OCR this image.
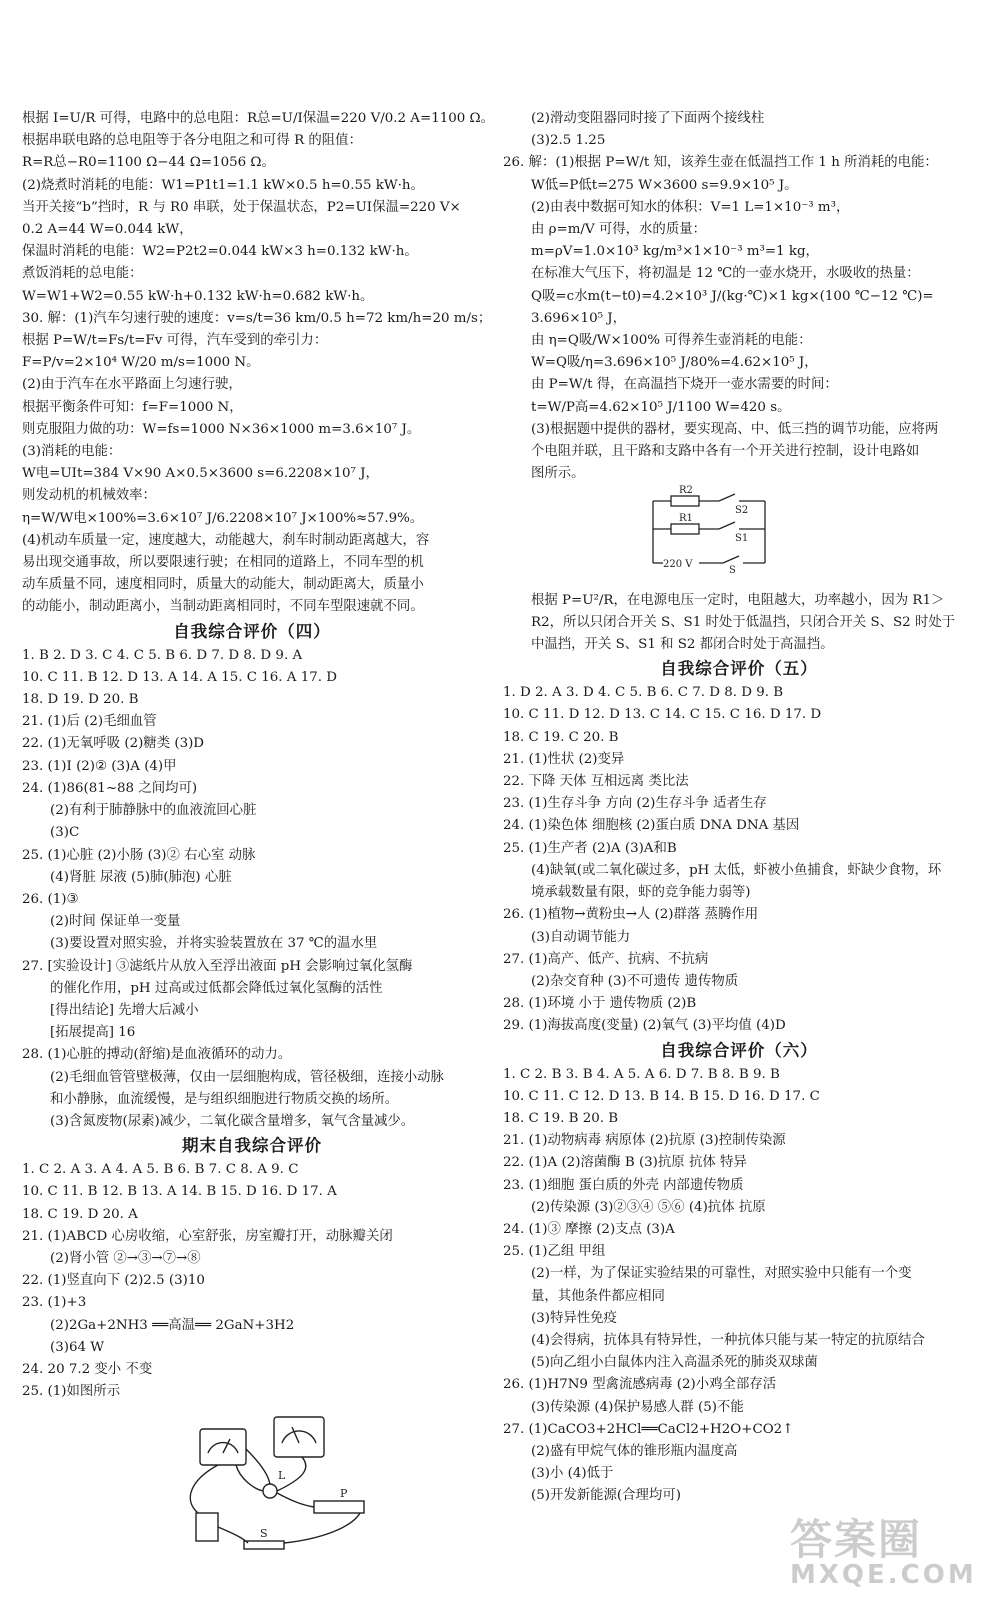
根据 I=U/R 可得，电路中的总电阻：R总=U/I保温=220 V/0.2 A=1100 Ω。
根据串联电路的总电阻等于各分电阻之和可得 R 的阻值：
R=R总−R0=1100 Ω−44 Ω=1056 Ω。
(2)烧煮时消耗的电能：W1=P1t1=1.1 kW×0.5 h=0.55 kW·h。
当开关接“b”挡时，R 与 R0 串联，处于保温状态，P2=UI保温=220 V×
0.2 A=44 W=0.044 kW，
保温时消耗的电能：W2=P2t2=0.044 kW×3 h=0.132 kW·h。
煮饭消耗的总电能：
W=W1+W2=0.55 kW·h+0.132 kW·h=0.682 kW·h。
30. 解：(1)汽车匀速行驶的速度：v=s/t=36 km/0.5 h=72 km/h=20 m/s；
根据 P=W/t=Fs/t=Fv 可得，汽车受到的牵引力：
F=P/v=2×10⁴ W/20 m/s=1000 N。
(2)由于汽车在水平路面上匀速行驶，
根据平衡条件可知：f=F=1000 N，
则克服阻力做的功：W=fs=1000 N×36×1000 m=3.6×10⁷ J。
(3)消耗的电能：
W电=UIt=384 V×90 A×0.5×3600 s=6.2208×10⁷ J，
则发动机的机械效率：
η=W/W电×100%=3.6×10⁷ J/6.2208×10⁷ J×100%≈57.9%。
(4)机动车质量一定，速度越大，动能越大，刹车时制动距离越大，容
易出现交通事故，所以要限速行驶；在相同的道路上，不同车型的机
动车质量不同，速度相同时，质量大的动能大，制动距离大，质量小
的动能小，制动距离小，当制动距离相同时，不同车型限速就不同。
自我综合评价（四）
1. B 2. D 3. C 4. C 5. B 6. D 7. D 8. D 9. A
10. C 11. B 12. D 13. A 14. A 15. C 16. A 17. D
18. D 19. D 20. B
21. (1)后 (2)毛细血管
22. (1)无氧呼吸 (2)糖类 (3)D
23. (1)Ⅰ (2)② (3)A (4)甲
24. (1)86(81~88 之间均可)
(2)有利于肺静脉中的血液流回心脏
(3)C
25. (1)心脏 (2)小肠 (3)② 右心室 动脉
(4)肾脏 尿液 (5)肺(肺泡) 心脏
26. (1)③
(2)时间 保证单一变量
(3)要设置对照实验，并将实验装置放在 37 ℃的温水里
27. [实验设计] ③滤纸片从放入至浮出液面 pH 会影响过氧化氢酶
的催化作用，pH 过高或过低都会降低过氧化氢酶的活性
[得出结论] 先增大后减小
[拓展提高] 16
28. (1)心脏的搏动(舒缩)是血液循环的动力。
(2)毛细血管管壁极薄，仅由一层细胞构成，管径极细，连接小动脉
和小静脉，血流缓慢，是与组织细胞进行物质交换的场所。
(3)含氮废物(尿素)减少，二氧化碳含量增多，氧气含量减少。
期末自我综合评价
1. C 2. A 3. A 4. A 5. B 6. B 7. C 8. A 9. C
10. C 11. B 12. B 13. A 14. B 15. D 16. D 17. A
18. C 19. D 20. A
21. (1)ABCD 心房收缩，心室舒张，房室瓣打开，动脉瓣关闭
(2)肾小管 ②→③→⑦→⑧
22. (1)竖直向下 (2)2.5 (3)10
23. (1)+3
(2)2Ga+2NH3 ══高温══ 2GaN+3H2
(3)64 W
24. 20 7.2 变小 不变
25. (1)如图所示
L
S
P
(2)滑动变阻器同时接了下面两个接线柱
(3)2.5 1.25
26. 解：(1)根据 P=W/t 知，该养生壶在低温挡工作 1 h 所消耗的电能：
W低=P低t=275 W×3600 s=9.9×10⁵ J。
(2)由表中数据可知水的体积：V=1 L=1×10⁻³ m³，
由 ρ=m/V 可得，水的质量：
m=ρV=1.0×10³ kg/m³×1×10⁻³ m³=1 kg，
在标准大气压下，将初温是 12 ℃的一壶水烧开，水吸收的热量：
Q吸=c水m(t−t0)=4.2×10³ J/(kg·℃)×1 kg×(100 ℃−12 ℃)=
3.696×10⁵ J，
由 η=Q吸/W×100% 可得养生壶消耗的电能：
W=Q吸/η=3.696×10⁵ J/80%=4.62×10⁵ J，
由 P=W/t 得，在高温挡下烧开一壶水需要的时间：
t=W/P高=4.62×10⁵ J/1100 W=420 s。
(3)根据题中提供的器材，要实现高、中、低三挡的调节功能，应将两
个电阻并联，且干路和支路中各有一个开关进行控制，设计电路如
图所示。
R2
S2
R1
S1
220 V
S
根据 P=U²/R，在电源电压一定时，电阻越大，功率越小，因为 R1＞
R2，所以只闭合开关 S、S1 时处于低温挡，只闭合开关 S、S2 时处于
中温挡，开关 S、S1 和 S2 都闭合时处于高温挡。
自我综合评价（五）
1. D 2. A 3. D 4. C 5. B 6. C 7. D 8. D 9. B
10. C 11. D 12. D 13. C 14. C 15. C 16. D 17. D
18. C 19. C 20. B
21. (1)性状 (2)变异
22. 下降 天体 互相远离 类比法
23. (1)生存斗争 方向 (2)生存斗争 适者生存
24. (1)染色体 细胞核 (2)蛋白质 DNA DNA 基因
25. (1)生产者 (2)A (3)A和B
(4)缺氧(或二氧化碳过多，pH 太低，虾被小鱼捕食，虾缺少食物，环
境承载数量有限，虾的竞争能力弱等)
26. (1)植物→黄粉虫→人 (2)群落 蒸腾作用
(3)自动调节能力
27. (1)高产、低产、抗病、不抗病
(2)杂交育种 (3)不可遗传 遗传物质
28. (1)环境 小于 遗传物质 (2)B
29. (1)海拔高度(变量) (2)氧气 (3)平均值 (4)D
自我综合评价（六）
1. C 2. B 3. B 4. A 5. A 6. D 7. B 8. B 9. B
10. C 11. C 12. D 13. B 14. B 15. D 16. D 17. C
18. C 19. B 20. B
21. (1)动物病毒 病原体 (2)抗原 (3)控制传染源
22. (1)A (2)溶菌酶 B (3)抗原 抗体 特异
23. (1)细胞 蛋白质的外壳 内部遗传物质
(2)传染源 (3)②③④ ⑤⑥ (4)抗体 抗原
24. (1)③ 摩擦 (2)支点 (3)A
25. (1)乙组 甲组
(2)一样，为了保证实验结果的可靠性，对照实验中只能有一个变
量，其他条件都应相同
(3)特异性免疫
(4)会得病，抗体具有特异性，一种抗体只能与某一特定的抗原结合
(5)向乙组小白鼠体内注入高温杀死的肺炎双球菌
26. (1)H7N9 型禽流感病毒 (2)小鸡全部存活
(3)传染源 (4)保护易感人群 (5)不能
27. (1)CaCO3+2HCl══CaCl2+H2O+CO2↑
(2)盛有甲烷气体的锥形瓶内温度高
(3)小 (4)低于
(5)开发新能源(合理均可)
答案圈
MXQE.COM
